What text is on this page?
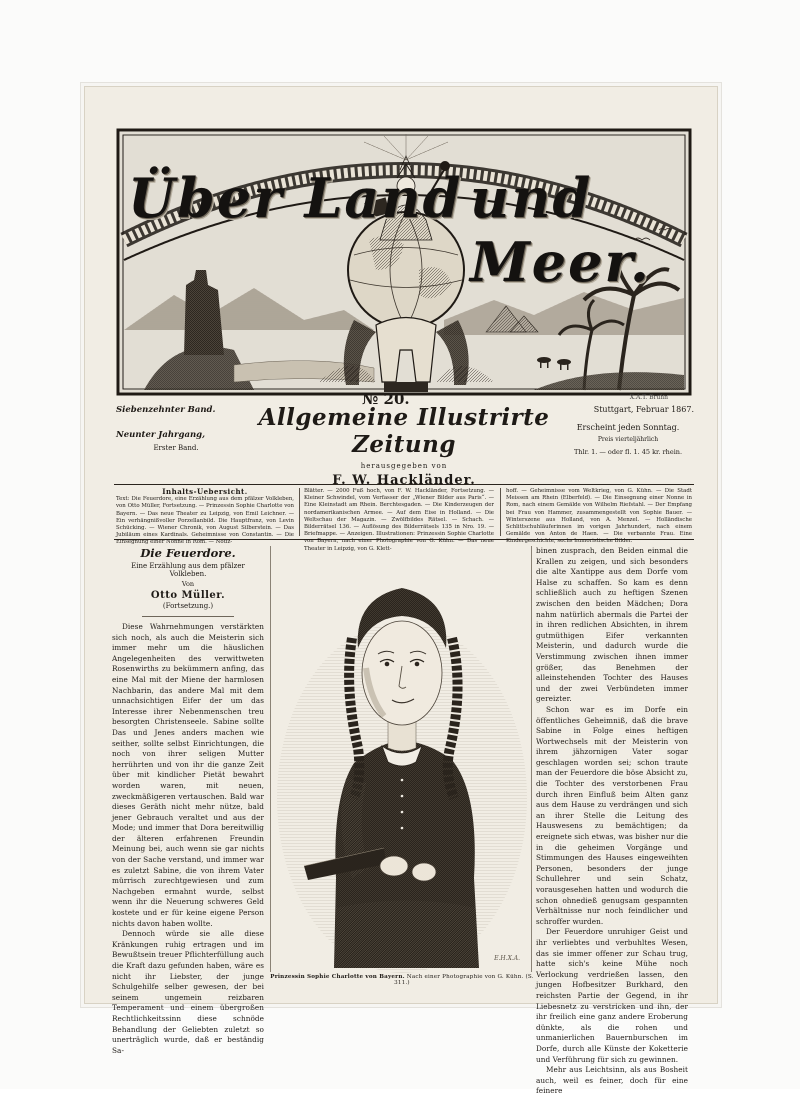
Über Land und Meer.
№ 20.	X.A.T. Bruhn
Siebenzehnter Band.
Neunter Jahrgang,
Erster Band.
Allgemeine Illustrirte Zeitung
herausgegeben von
F. W. Hackländer.
Stuttgart, Februar 1867.
Erscheint jeden Sonntag.
Preis vierteljährlich
Thlr. 1. — oder fl. 1. 45 kr. rhein.
Inhalts-Uebersicht.
Text: Die Feuerdore, eine Erzählung aus dem pfälzer Volkleben, von Otto Müller, Fortsetzung. — Prinzessin Sophie Charlotte von Bayern. — Das neue Theater zu Leipzig, von Emil Leichner. — Ein verhängnißvoller Porzellanbild. Die Hauptfranz, von Levin Schücking. — Wiener Chronik, von August Silberstein. — Das Jubiläum eines Kardinals. Geheimnisse von Constantin. — Die Einsegnung einer Nonne in Rom. — Notiz-
Blätter. — 2000 Fuß hoch, von F. W. Hackländer, Fortsetzung. — Kleiner Schwindel, vom Verfasser der „Wiener Bilder aus Paris“. — Eine Kleinstadt am Rhein. Berchtesgaden. — Die Kinderzeugen der nordamerikanischen Armee. — Auf dem Eise in Holland. — Die Weltschau der Magazin. — Zwölfbildes Rätsel. — Schach. — Bilderrätsel 136. — Auflösung des Bilderrätsels 135 in Nro. 19. — Briefmappe. — Anzeigen. Illustrationen: Prinzessin Sophie Charlotte von Bayern, nach einer Photographie von G. Kühn. — Das neue Theater in Leipzig, von G. Klett-
hoff. — Geheimnisse vom Weltkrieg, von G. Kühn. — Die Stadt Meissen am Rhein (Elberfeld). — Die Einsegnung einer Nonne in Rom, nach einem Gemälde von Wilhelm Riefstahl. — Der Empfang bei Frau von Hammer, zusammengestellt von Sophie Bauer. — Winterszene aus Holland, von A. Menzel. — Holländische Schlittschuhläuferinnen im vorigen Jahrhundert, nach einem Gemälde von Anton de Haen. — Die verbannte Frau. Eine Kindergeschichte, sechs humoristische Bilder.
Die Feuerdore.
Eine Erzählung aus dem pfälzer Volkleben.
Von
Otto Müller.
(Fortsetzung.)

Diese Wahrnehmungen verstärkten sich noch, als auch die Meisterin sich immer mehr um die häuslichen Angelegenheiten des verwittweten Rosenwirths zu bekümmern anfing, das eine Mal mit der Miene der harmlosen Nachbarin, das andere Mal mit dem unnachsichtigen Eifer der um das Interesse ihrer Nebenmenschen treu besorgten Christenseele. Sabine sollte Das und Jenes anders machen wie seither, sollte selbst Einrichtungen, die noch von ihrer seligen Mutter herrührten und von ihr die ganze Zeit über mit kindlicher Pietät bewahrt worden waren, mit neuen, zweckmäßigeren vertauschen. Bald war dieses Geräth nicht mehr nütze, bald jener Gebrauch veraltet und aus der Mode; und immer that Dora bereitwillig der älteren erfahrenen Freundin Meinung bei, auch wenn sie gar nichts von der Sache verstand, und immer war es zuletzt Sabine, die von ihrem Vater mürrisch zurechtgewiesen und zum Nachgeben ermahnt wurde, selbst wenn ihr die Neuerung schweres Geld kostete und er für keine eigene Person nichts davon haben wollte.

Dennoch würde sie alle diese Kränkungen ruhig ertragen und im Bewußtsein treuer Pflichterfüllung auch die Kraft dazu gefunden haben, wäre es nicht ihr Liebster, der junge Schulgehilfe selber gewesen, der bei seinem ungemein reizbaren Temperament und einem übergroßen Rechtlichkeitssinn diese schnöde Behandlung der Geliebten zuletzt so unerträglich wurde, daß er beständig Sa-

E.H.X.A.
Prinzessin Sophie Charlotte von Bayern. Nach einer Photographie von G. Kühn. (S. 311.)

binen zusprach, den Beiden einmal die Krallen zu zeigen, und sich besonders die alte Xantippe aus dem Dorfe vom Halse zu schaffen. So kam es denn schließlich auch zu heftigen Szenen zwischen den beiden Mädchen; Dora nahm natürlich abermals die Partei der in ihren redlichen Absichten, in ihrem gutmüthigen Eifer verkannten Meisterin, und dadurch wurde die Verstimmung zwischen ihnen immer größer, das Benehmen der alleinstehenden Tochter des Hauses und der zwei Verbündeten immer gereizter.

Schon war es im Dorfe ein öffentliches Geheimniß, daß die brave Sabine in Folge eines heftigen Wortwechsels mit der Meisterin von ihrem jähzornigen Vater sogar geschlagen worden sei; schon traute man der Feuerdore die böse Absicht zu, die Tochter des verstorbenen Frau durch ihren Einfluß beim Alten ganz aus dem Hause zu verdrängen und sich an ihrer Stelle die Leitung des Hauswesens zu bemächtigen; da ereignete sich etwas, was bisher nur die in die geheimen Vorgänge und Stimmungen des Hauses eingeweihten Personen, besonders der junge Schullehrer und sein Schatz, vorausgesehen hatten und wodurch die schon ohnedieß genugsam gespannten Verhältnisse nur noch feindlicher und schroffer wurden.

Der Feuerdore unruhiger Geist und ihr verliebtes und verbuhltes Wesen, das sie immer offener zur Schau trug, hatte sich's keine Mühe noch Verlockung verdrießen lassen, den jungen Hofbesitzer Burkhard, den reichsten Partie der Gegend, in ihr Liebesnetz zu verstricken und ihn, der ihr freilich eine ganz andere Eroberung dünkte, als die rohen und unmanierlichen Bauernburschen im Dorfe, durch alle Künste der Koketterie und Verführung für sich zu gewinnen.

Mehr aus Leichtsinn, als aus Bosheit auch, weil es feiner, doch für eine feinere
